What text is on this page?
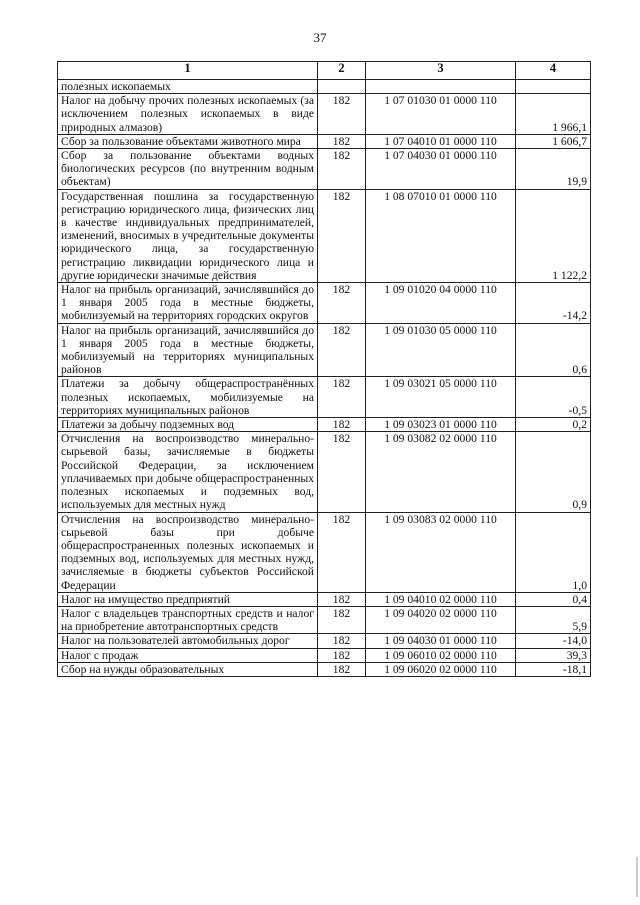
37
1	2	3	4
полезных ископаемых			
Налог на добычу прочих полезных ископаемых (за исключением полезных ископаемых в виде природных алмазов)	182	1 07 01030 01 0000 110	1 966,1
Сбор за пользование объектами животного мира	182	1 07 04010 01 0000 110	1 606,7
Сбор за пользование объектами водных биологических ресурсов (по внутренним водным объектам)	182	1 07 04030 01 0000 110	19,9
Государственная пошлина за государственную регистрацию юридического лица, физических лиц в качестве индивидуальных предпринимателей, изменений, вносимых в учредительные документы юридического лица, за государственную регистрацию ликвидации юридического лица и другие юридически значимые действия	182	1 08 07010 01 0000 110	1 122,2
Налог на прибыль организаций, зачислявшийся до 1 января 2005 года в местные бюджеты, мобилизуемый на территориях городских округов	182	1 09 01020 04 0000 110	-14,2
Налог на прибыль организаций, зачислявшийся до 1 января 2005 года в местные бюджеты, мобилизуемый на территориях муниципальных районов	182	1 09 01030 05 0000 110	0,6
Платежи за добычу общераспространённых полезных ископаемых, мобилизуемые на территориях муниципальных районов	182	1 09 03021 05 0000 110	-0,5
Платежи за добычу подземных вод	182	1 09 03023 01 0000 110	0,2
Отчисления на воспроизводство минерально-сырьевой базы, зачисляемые в бюджеты Российской Федерации, за исключением уплачиваемых при добыче общераспространенных полезных ископаемых и подземных вод, используемых для местных нужд	182	1 09 03082 02 0000 110	0,9
Отчисления на воспроизводство минерально-сырьевой базы при добыче общераспространенных полезных ископаемых и подземных вод, используемых для местных нужд, зачисляемые в бюджеты субъектов Российской Федерации	182	1 09 03083 02 0000 110	1,0
Налог на имущество предприятий	182	1 09 04010 02 0000 110	0,4
Налог с владельцев транспортных средств и налог на приобретение автотранспортных средств	182	1 09 04020 02 0000 110	5,9
Налог на пользователей автомобильных дорог	182	1 09 04030 01 0000 110	-14,0
Налог с продаж	182	1 09 06010 02 0000 110	39,3
Сбор на нужды образовательных	182	1 09 06020 02 0000 110	-18,1
